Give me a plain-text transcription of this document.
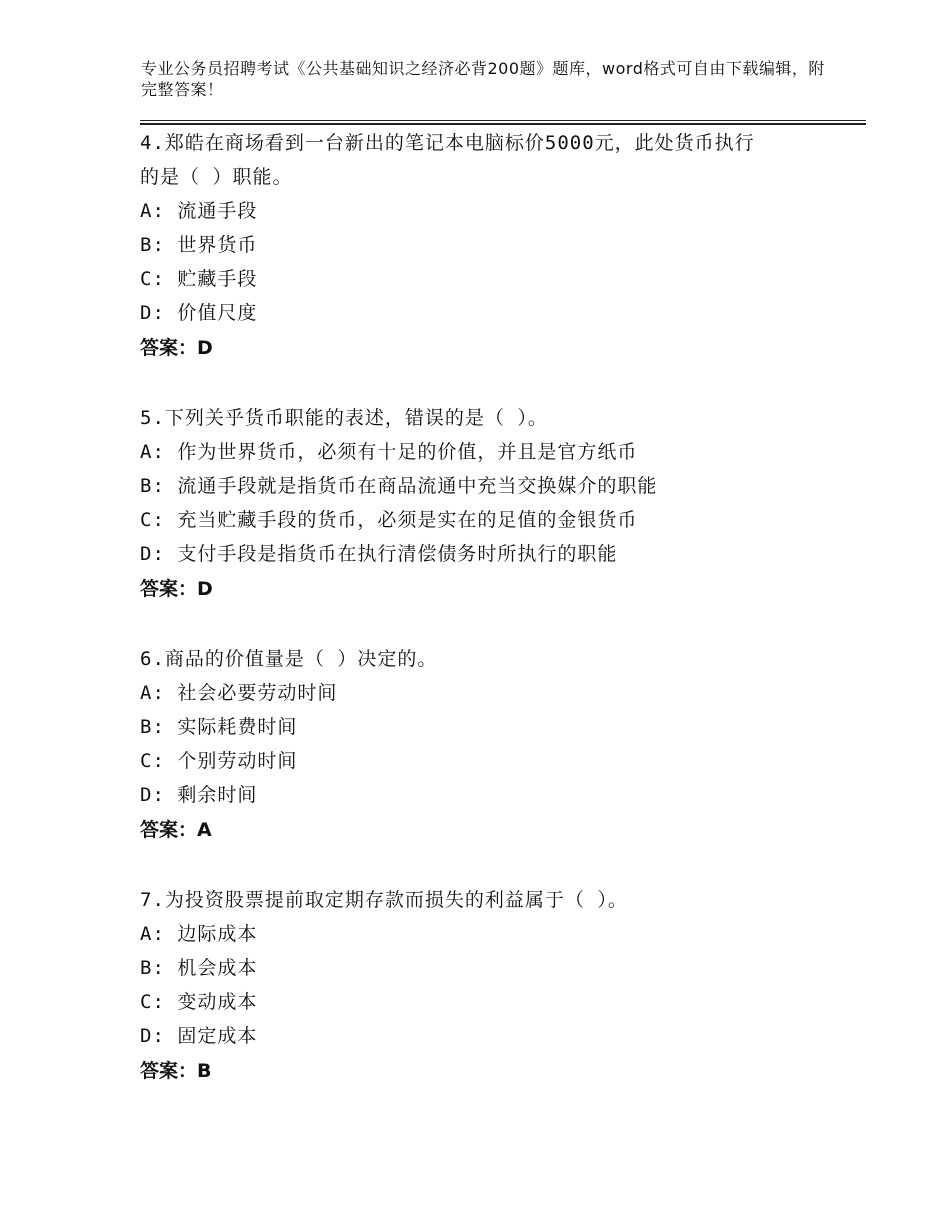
专业公务员招聘考试《公共基础知识之经济必背200题》题库，word格式可自由下载编辑，附完整答案！

4.郑皓在商场看到一台新出的笔记本电脑标价5000元，此处货币执行

的是（ ）职能。

A: 流通手段

B: 世界货币

C: 贮藏手段

D: 价值尺度

答案：D

5.下列关乎货币职能的表述，错误的是（ ）。

A: 作为世界货币，必须有十足的价值，并且是官方纸币

B: 流通手段就是指货币在商品流通中充当交换媒介的职能

C: 充当贮藏手段的货币，必须是实在的足值的金银货币

D: 支付手段是指货币在执行清偿债务时所执行的职能

答案：D

6.商品的价值量是（ ）决定的。

A: 社会必要劳动时间

B: 实际耗费时间

C: 个别劳动时间

D: 剩余时间

答案：A

7.为投资股票提前取定期存款而损失的利益属于（ ）。

A: 边际成本

B: 机会成本

C: 变动成本

D: 固定成本

答案：B
